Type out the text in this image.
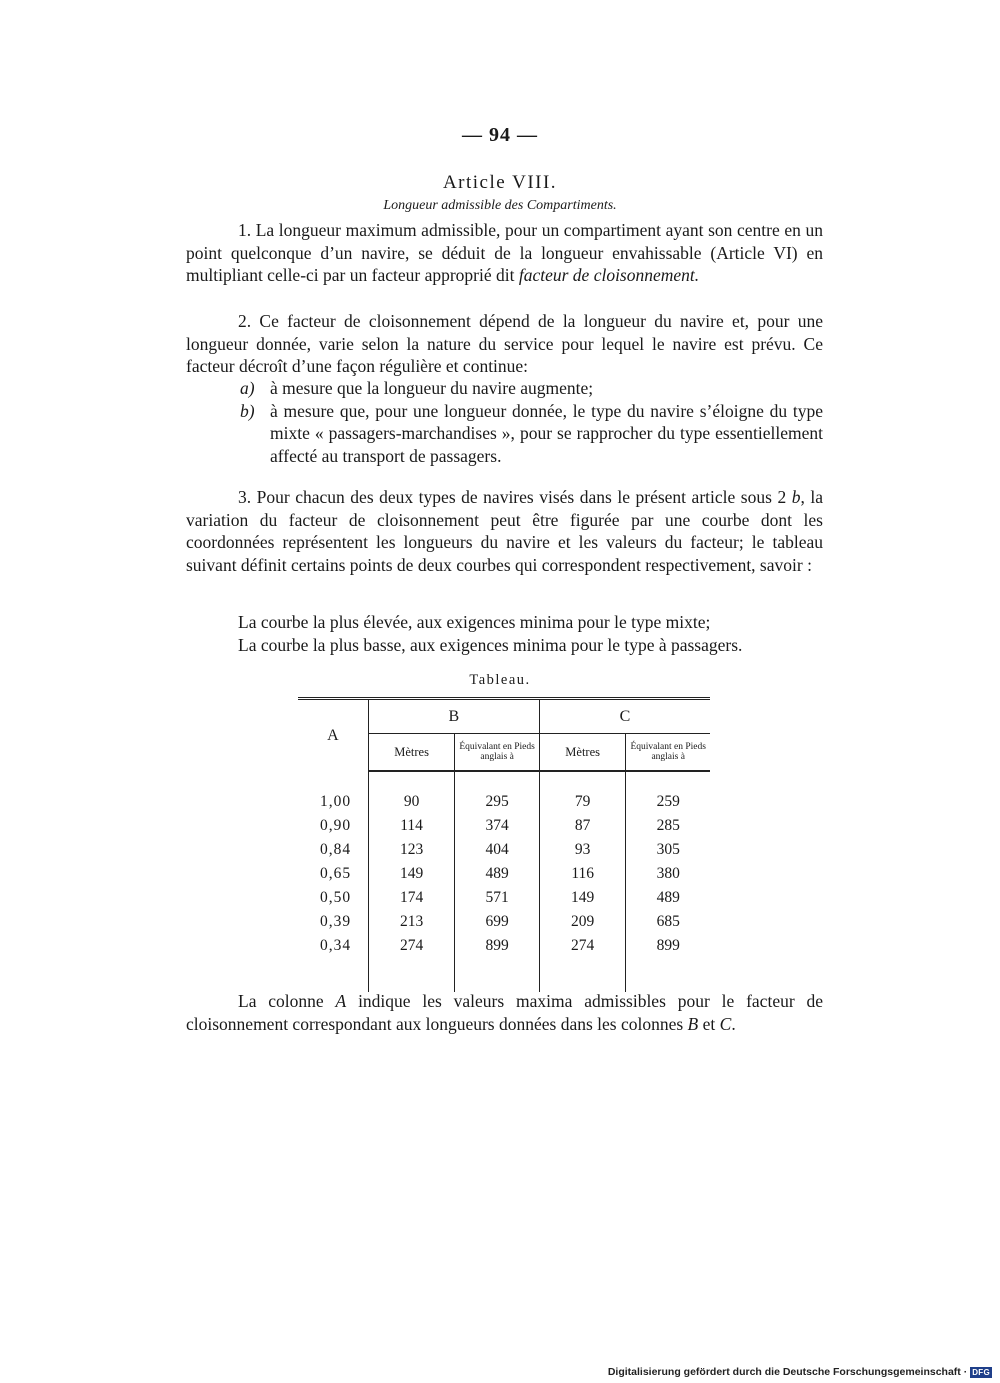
— 94 —
Article VIII.
Longueur admissible des Compartiments.

1. La longueur maximum admissible, pour un compartiment ayant son centre en un point quelconque d’un navire, se déduit de la longueur envahissable (Article VI) en multipliant celle-ci par un facteur approprié dit facteur de cloisonnement.

2. Ce facteur de cloisonnement dépend de la longueur du navire et, pour une longueur donnée, varie selon la nature du service pour lequel le navire est prévu. Ce facteur décroît d’une façon régulière et continue:

a) à mesure que la longueur du navire augmente;
b) à mesure que, pour une longueur donnée, le type du navire s’éloigne du type mixte « passagers-marchandises », pour se rapprocher du type essentiellement affecté au transport de passagers.

3. Pour chacun des deux types de navires visés dans le présent article sous 2 b, la variation du facteur de cloisonnement peut être figurée par une courbe dont les coordonnées représentent les longueurs du navire et les valeurs du facteur; le tableau suivant définit certains points de deux courbes qui correspondent respectivement, savoir :

La courbe la plus élevée, aux exigences minima pour le type mixte;

La courbe la plus basse, aux exigences minima pour le type à passagers.

Tableau.
A	B		C	
	Mètres	Équivalant en Pieds anglais à	Mètres	Équivalant en Pieds anglais à

1,00	90	295	79	259
0,90	114	374	87	285
0,84	123	404	93	305
0,65	149	489	116	380
0,50	174	571	149	489
0,39	213	699	209	685
0,34	274	899	274	899

La colonne A indique les valeurs maxima admissibles pour le facteur de cloisonnement correspondant aux longueurs données dans les colonnes B et C.

Digitalisierung gefördert durch die Deutsche Forschungsgemeinschaft · DFG
